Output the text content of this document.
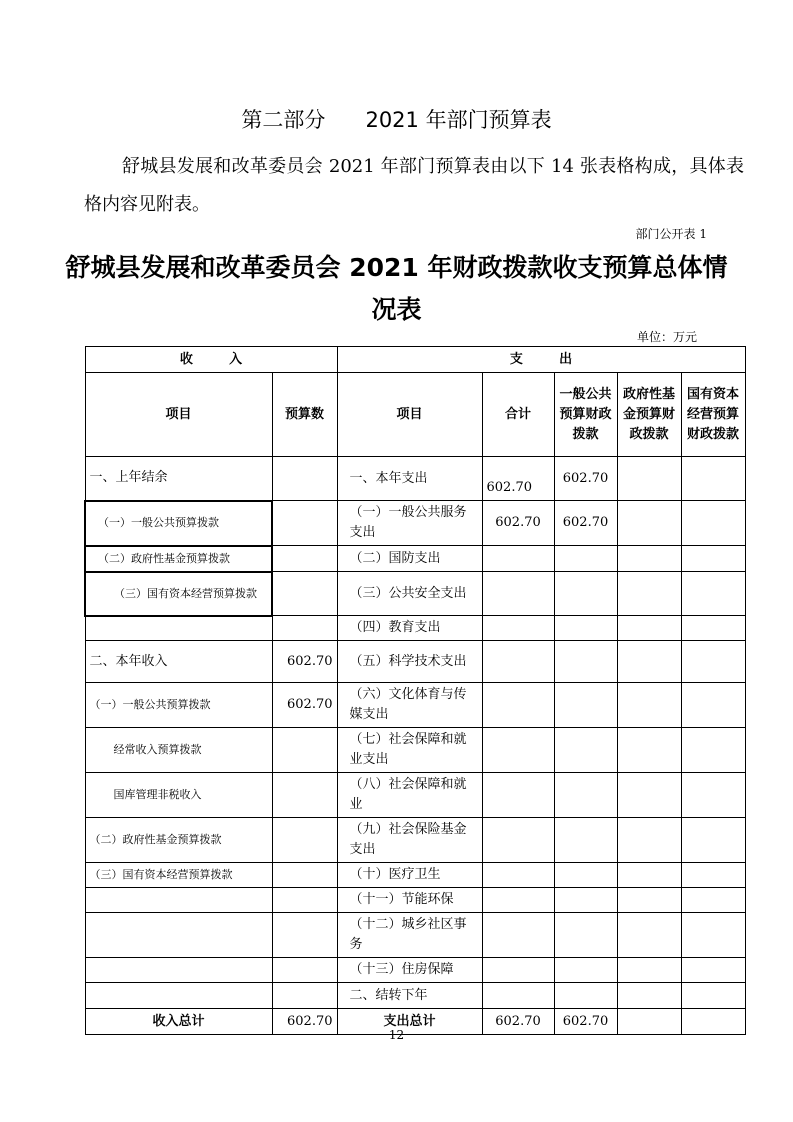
第二部分      2021 年部门预算表

舒城县发展和改革委员会 2021 年部门预算表由以下 14 张表格构成，具体表格内容见附表。

部门公开表 1
舒城县发展和改革委员会 2021 年财政拨款收支预算总体情况表
单位：万元
收        入		支        出				
项目	预算数	项目	合计	一般公共预算财政拨款	政府性基金预算财政拨款	国有资本经营预算财政拨款
一、上年结余		一、本年支出	602.70	602.70		
（一）一般公共预算拨款		（一）一般公共服务支出	602.70	602.70		
（二）政府性基金预算拨款		（二）国防支出				
（三）国有资本经营预算拨款		（三）公共安全支出				
		（四）教育支出				
二、本年收入	602.70	（五）科学技术支出				
（一）一般公共预算拨款	602.70	（六）文化体育与传媒支出				
经常收入预算拨款		（七）社会保障和就业支出				
国库管理非税收入		（八）社会保障和就业				
（二）政府性基金预算拨款		（九）社会保险基金支出				
（三）国有资本经营预算拨款		（十）医疗卫生				
		（十一）节能环保				
		（十二）城乡社区事务				
		（十三）住房保障				
		二、结转下年				
收入总计	602.70	支出总计	602.70	602.70		
12
